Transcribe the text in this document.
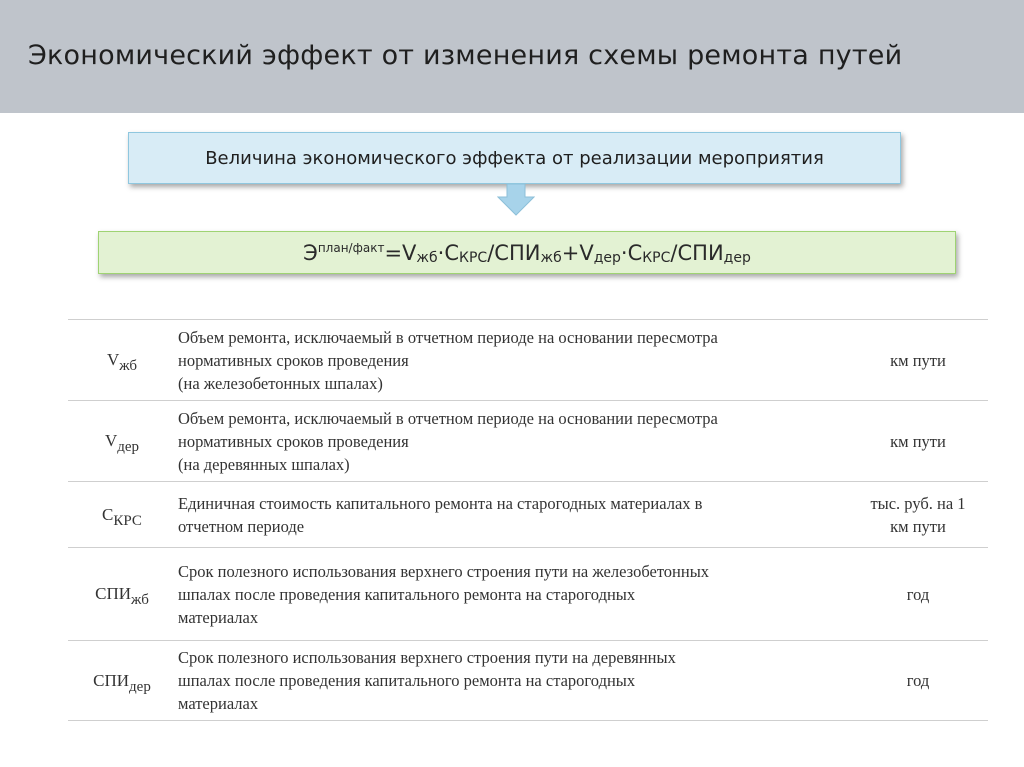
Экономический эффект от изменения схемы ремонта путей
Величина экономического эффекта от реализации мероприятия
$Э^{план/факт} = V_{жб} \cdot С_{КРС} / СПИ_{жб} + V_{дер} \cdot С_{КРС} / СПИ_{дер}$
$V_{жб}$	Объем ремонта, исключаемый в отчетном периоде на основании пересмотра
нормативных сроков проведения
(на железобетонных шпалах)	км пути
$V_{дер}$	Объем ремонта, исключаемый в отчетном периоде на основании пересмотра
нормативных сроков проведения
(на деревянных шпалах)	км пути
$С_{КРС}$	Единичная стоимость капитального ремонта на старогодных материалах в
отчетном периоде	тыс. руб. на 1
км пути
$СПИ_{жб}$	Срок полезного использования верхнего строения пути на железобетонных
шпалах после проведения капитального ремонта на старогодных
материалах	год
$СПИ_{дер}$	Срок полезного использования верхнего строения пути на деревянных
шпалах после проведения капитального ремонта на старогодных
материалах	год
